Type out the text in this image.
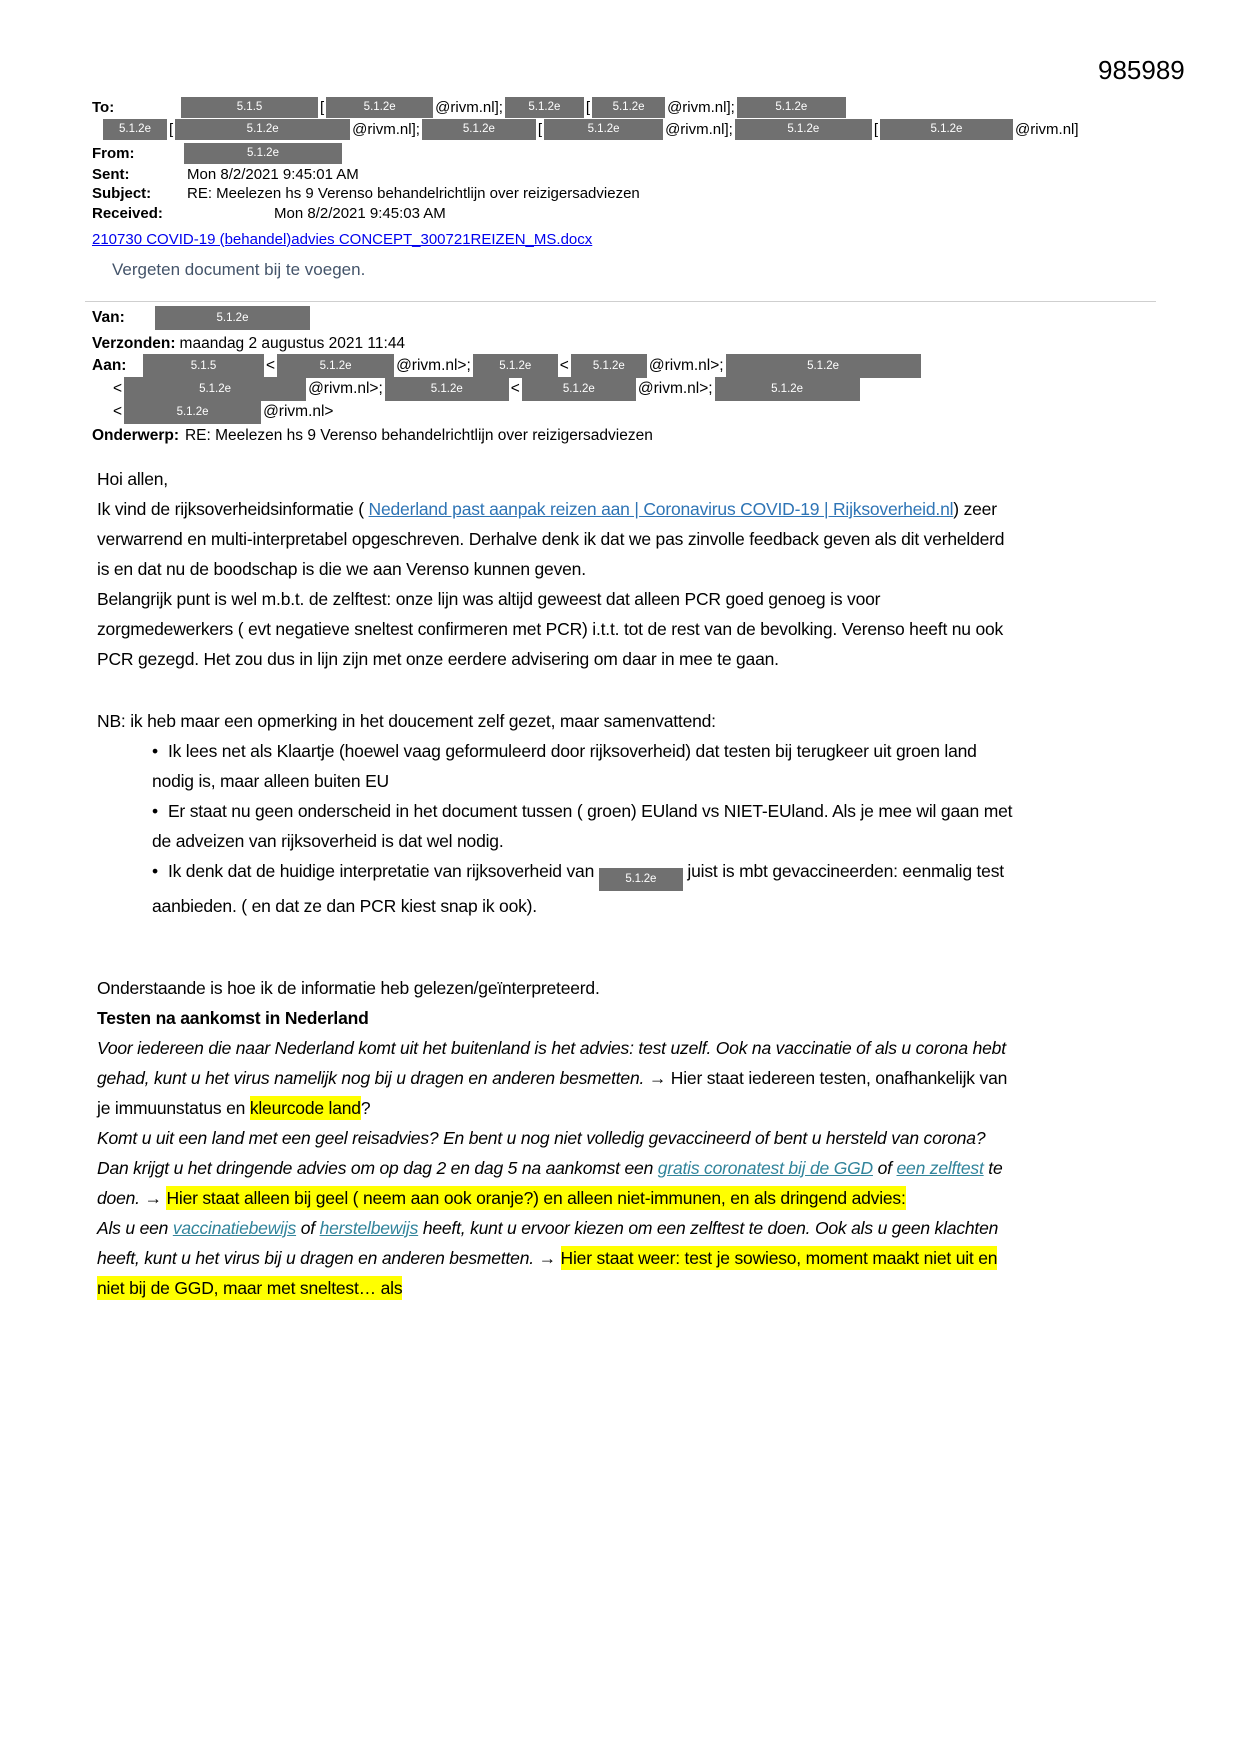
985989
To:	5.1.5	[	5.1.2e	@rivm.nl];	5.1.2e	[	5.1.2e	@rivm.nl];	5.1.2e
5.1.2e	[	5.1.2e	@rivm.nl];	5.1.2e	[	5.1.2e	@rivm.nl];	5.1.2e	[	5.1.2e	@rivm.nl]
From:	5.1.2e
Sent:	Mon 8/2/2021 9:45:01 AM
Subject:	RE: Meelezen hs 9 Verenso behandelrichtlijn over reizigersadviezen
Received:	Mon 8/2/2021 9:45:03 AM
210730 COVID-19 (behandel)advies CONCEPT_300721REIZEN_MS.docx
Vergeten document bij te voegen.
Van:	5.1.2e
Verzonden: maandag 2 augustus 2021 11:44
Aan:	5.1.5	<	5.1.2e	@rivm.nl>;	5.1.2e	<	5.1.2e	@rivm.nl>;	5.1.2e
<	5.1.2e	@rivm.nl>;	5.1.2e	<	5.1.2e	@rivm.nl>;	5.1.2e
<	5.1.2e	@rivm.nl>
Onderwerp: RE: Meelezen hs 9 Verenso behandelrichtlijn over reizigersadviezen

Hoi allen,

Ik vind de rijksoverheidsinformatie ( Nederland past aanpak reizen aan | Coronavirus COVID-19 | Rijksoverheid.nl) zeer verwarrend en multi-interpretabel opgeschreven. Derhalve denk ik dat we pas zinvolle feedback geven als dit verhelderd is en dat nu de boodschap is die we aan Verenso kunnen geven.

Belangrijk punt is wel m.b.t. de zelftest: onze lijn was altijd geweest dat alleen PCR goed genoeg is voor zorgmedewerkers ( evt negatieve sneltest confirmeren met PCR) i.t.t. tot de rest van de bevolking. Verenso heeft nu ook PCR gezegd. Het zou dus in lijn zijn met onze eerdere advisering om daar in mee te gaan.

NB: ik heb maar een opmerking in het doucement zelf gezet, maar samenvattend:

• Ik lees net als Klaartje (hoewel vaag geformuleerd door rijksoverheid) dat testen bij terugkeer uit groen land nodig is, maar alleen buiten EU
• Er staat nu geen onderscheid in het document tussen ( groen) EUland vs NIET-EUland. Als je mee wil gaan met de adveizen van rijksoverheid is dat wel nodig.
• Ik denk dat de huidige interpretatie van rijksoverheid van 5.1.2e juist is mbt gevaccineerden: eenmalig test aanbieden. ( en dat ze dan PCR kiest snap ik ook).

Onderstaande is hoe ik de informatie heb gelezen/geïnterpreteerd.

Testen na aankomst in Nederland

Voor iedereen die naar Nederland komt uit het buitenland is het advies: test uzelf. Ook na vaccinatie of als u corona hebt gehad, kunt u het virus namelijk nog bij u dragen en anderen besmetten. → Hier staat iedereen testen, onafhankelijk van je immuunstatus en kleurcode land?

Komt u uit een land met een geel reisadvies? En bent u nog niet volledig gevaccineerd of bent u hersteld van corona? Dan krijgt u het dringende advies om op dag 2 en dag 5 na aankomst een gratis coronatest bij de GGD of een zelftest te doen. → Hier staat alleen bij geel ( neem aan ook oranje?) en alleen niet-immunen, en als dringend advies:

Als u een vaccinatiebewijs of herstelbewijs heeft, kunt u ervoor kiezen om een zelftest te doen. Ook als u geen klachten heeft, kunt u het virus bij u dragen en anderen besmetten. → Hier staat weer: test je sowieso, moment maakt niet uit en niet bij de GGD, maar met sneltest… als
